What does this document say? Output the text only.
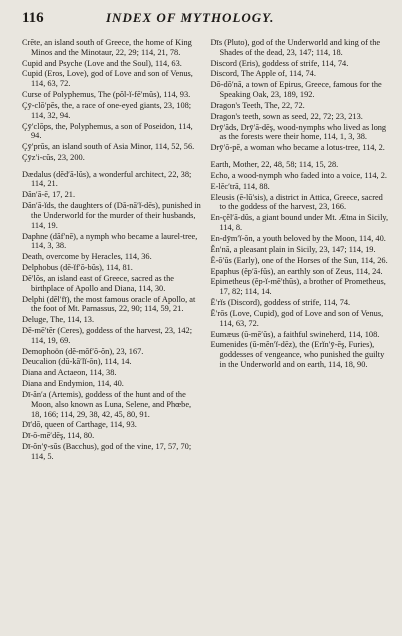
116	INDEX OF MYTHOLOGY.

Crēte, an island south of Greece, the home of King Minos and the Minotaur, 22, 29; 114, 21, 78.

Cupid and Psyche (Love and the Soul), 114, 63.

Cupid (Eros, Love), god of Love and son of Venus, 114, 63, 72.

Curse of Polyphemus, The (pŏl-ĭ-fē′mŭs), 114, 93.

Çȳ-clō′pēs, the, a race of one-eyed giants, 23, 108; 114, 32, 94.

Çȳ′clōps, the, Polyphemus, a son of Poseidon, 114, 94.

Çȳ′prŭs, an island south of Asia Minor, 114, 52, 56.

Çȳz′i-cŭs, 23, 200.

Dædalus (dĕd′ā-lŭs), a wonderful architect, 22, 38; 114, 21.

Dăn′ā-ē, 17, 21.

Dăn′ā-ĭds, the daughters of (Dă-nā′ĭ-dēs), punished in the Underworld for the murder of their husbands, 114, 19.

Daphne (dăf′nē), a nymph who became a laurel-tree, 114, 3, 38.

Death, overcome by Heracles, 114, 36.

Delphobus (dē-ĭf′ō-bŭs), 114, 81.

Dē′lŏs, an island east of Greece, sacred as the birthplace of Apollo and Diana, 114, 30.

Delphi (dĕl′fī), the most famous oracle of Apollo, at the foot of Mt. Parnassus, 22, 90; 114, 59, 21.

Deluge, The, 114, 13.

Dē-mē′tēr (Ceres), goddess of the harvest, 23, 142; 114, 19, 69.

Demophoön (dĕ-mŏf′ō-ŏn), 23, 167.

Deucalion (dū-kā′lĭ-ŏn), 114, 14.

Diana and Actaeon, 114, 38.

Diana and Endymion, 114, 40.

Dī-ăn′a (Artemis), goddess of the hunt and of the Moon, also known as Luna, Selene, and Phœbe, 18, 166; 114, 29, 38, 42, 45, 80, 91.

Dī′dō, queen of Carthage, 114, 93.

Dī-ō-mē′dēş, 114, 80.

Dī-ŏn′ȳ-sŭs (Bacchus), god of the vine, 17, 57, 70; 114, 5.

Dīs (Pluto), god of the Underworld and king of the Shades of the dead, 23, 147; 114, 18.

Discord (Eris), goddess of strife, 114, 74.

Discord, The Apple of, 114, 74.

Dō-dō′nā, a town of Epirus, Greece, famous for the Speaking Oak, 23, 189, 192.

Dragon's Teeth, The, 22, 72.

Dragon's teeth, sown as seed, 22, 72; 23, 213.

Drȳ′ăds, Drȳ′ā-dēş, wood-nymphs who lived as long as the forests were their home, 114, 1, 3, 38.

Drȳ′ŏ-pē, a woman who became a lotus-tree, 114, 2.

Earth, Mother, 22, 48, 58; 114, 15, 28.

Echo, a wood-nymph who faded into a voice, 114, 2.

E-lĕc′trā, 114, 88.

Eleusis (ē-lū′sis), a district in Attica, Greece, sacred to the goddess of the harvest, 23, 166.

En-çĕl′ā-dŭs, a giant bound under Mt. Ætna in Sicily, 114, 8.

En-dȳm′ĭ-ŏn, a youth beloved by the Moon, 114, 40.

Ĕn′nā, a pleasant plain in Sicily, 23, 147; 114, 19.

Ē-ō′ŭs (Early), one of the Horses of the Sun, 114, 26.

Epaphus (ĕp′ā-fŭs), an earthly son of Zeus, 114, 24.

Epimetheus (ĕp-ĭ-mē′thūs), a brother of Prometheus, 17, 82; 114, 14.

Ē′rĭs (Discord), goddess of strife, 114, 74.

Ē′rōs (Love, Cupid), god of Love and son of Venus, 114, 63, 72.

Eumæus (ū-mē′ŭs), a faithful swineherd, 114, 108.

Eumenides (ū-mĕn′ĭ-dēz), the (Erĭn′ȳ-ēş, Furies), goddesses of vengeance, who punished the guilty in the Underworld and on earth, 114, 18, 90.
